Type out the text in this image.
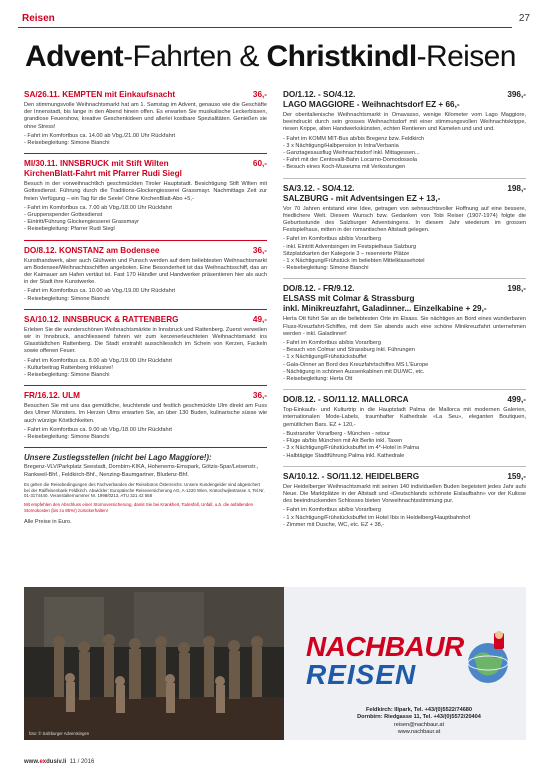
Reisen	27
Advent-Fahrten & Christkindl-Reisen
SA/26.11. KEMPTEN mit Einkaufsnacht	36,-

Den stimmungsvolle Weihnachtsmarkt hat am 1. Samstag im Advent, genauso wie die Geschäfte der Innenstadt, bis lange in den Abend hinein offen. Es erwarten Sie musikalische Leckerbissen, grandiose Feuershow, kreative Geschenkideen und allerlei kostbare Spezialitäten. Genießen sie ohne Stress!

- Fahrt im Komfortbus ca. 14.00 ab Vbg./21.00 Uhr Rückfahrt
- Reisebegleitung: Simone Bianchi
MI/30.11. INNSBRUCK mit Stift Wilten	60,-
KirchenBlatt-Fahrt mit Pfarrer Rudi Siegl

Besuch in der vorweihnachtlich geschmückten Tiroler Hauptstadt. Besichtigung Stift Wilten mit Gottesdienst. Führung durch die Traditions-Glockengiesserei Grassmayr. Nachmittags Zeit zur freien Verfügung – ein Tag für die Seele! Ohne KirchenBlatt-Abo +5,-

- Fahrt im Komfortbus ca. 7.00 ab Vbg./18.00 Uhr Rückfahrt
- Gruppenspender Gottesdienst
- Eintritt/Führung Glockengiesserei Grassmayr
- Reisebegleitung: Pfarrer Rudi Siegl
DO/8.12. KONSTANZ am Bodensee	36,-

Kunsthandwerk, aber auch Glühwein und Punsch werden auf dem beliebtesten Weihnachtsmarkt am Bodensee/Weihnachtsschiffen angeboten. Eine Besonderheit ist das Weihnachtsschiff, das an der Kaimauer am Hafen vertäut ist. Fast 170 Händler und Handwerker präsentieren hier als auch in der Stadt ihre Kunstwerke.

- Fahrt im Komfortbus ca. 10.00 ab Vbg./19.00 Uhr Rückfahrt
- Reisebegleitung: Simone Bianchi
SA/10.12. INNSBRUCK & RATTENBERG	49,-

Erleben Sie die wunderschönen Weihnachtsmärkte in Innsbruck und Rattenberg. Zuerst verweilen wir in Innsbruck, anschliessend fahren wir zum kerzenerleuchteten Weihnachtsmarkt ins Glasstädtchen Rattenberg. Die Stadt erstrahlt ausschliesslich im Schein von Kerzen, Fackeln sowie offenen Feuer.

- Fahrt im Komfortbus ca. 8.00 ab Vbg./19.00 Uhr Rückfahrt
- Kulturbeitrag Rattenberg inklusive!
- Reisebegleitung: Simone Bianchi
FR/16.12. ULM	36,-

Besuchen Sie mit uns das gemütliche, leuchtende und festlich geschmückte Ulm direkt am Fuss des Ulmer Münsters. Im Herzen Ulms erwarten Sie, an über 130 Buden, kulinarische süsse wie auch würzige Köstlichkeiten.

- Fahrt im Komfortbus ca. 9.00 ab Vbg./18.00 Uhr Rückfahrt
- Reisebegleitung: Simone Bianchi
Unsere Zustiegsstellen (nicht bei Lago Maggiore!):

Bregenz-VLV/Parkplatz Seestadt, Dornbirn-KIKA, Hohenems-Emspark, Götzis-Spar/Leisenstr., Rankweil-Bhf., Feldkirch-Bhf., Nenzing-Baumgartner, Bludenz-Bhf.

Es gelten die Reisebedingungen des Fachverbandes der Reisebüros Österreichs. Unsere Kundengelder sind abgesichert bei der Raiffeisenbank Feldkirch. Abwickler: Europäische Reiseversicherung AG, A-1220 Wien, Kratochwjlestrasse 4, Tel.Nr. 01-3174440. Veranstalternummer Nr. 1998/0213, ATU 321 42 558

Mit empfehlen den Abschluss einer Stornoversicherung, damit Sie bei Krankheit, Todesfall, Unfall, u.ä. die anfallenden Stornokosten (bis zu 85%!) zurückerhalten!

Alle Preise in Euro.

DO/1.12. - SO/4.12.	396,-
LAGO MAGGIORE - Weihnachtsdorf EZ + 66,-

Der oberitalienische Weihnachtsmarkt in Omavasso, wenige Kilometer vom Lago Maggiore, beeindruckt durch sein grosses Weihnachtsdorf mit einer stimmungsvollen Weihnachtskrippe, riesen Krippe, alten Handwerkskünsten, echten Rentieren und Kamelen und und und.

- Fahrt im KOMM MIT-Bus ab/bis Bregenz bzw. Feldkirch
- 3 x Nächtigung/Halbpension in Intra/Verbania
- Ganztagesausflug Weihnachtsdorf inkl. Mittagessen...
- Fahrt mit der Centovalli-Bahn Locarno-Domodossola
- Besuch eines Koch-Museums mit Verkostungen
SA/3.12. - SO/4.12.	198,-
SALZBURG - mit Adventsingen EZ + 13,-

Vor 70 Jahren entstand eine Idee, getragen von sehnsuchtsvoller Hoffnung auf eine bessere, friedlichere Welt. Diesem Wunsch bzw. Gedanken von Tobi Reiser (1907-1974) folgte die Geburtsstunde des Salzburger Adventsingens. In diesem Jahr wiederum im grossen Festspielhaus, mitten in der romantischen Altstadt gelegen.

- Fahrt im Komfortbus ab/bis Vorarlberg
- inkl. Eintritt Adventsingen im Festspielhaus Salzburg
Sitzplatzkarten der Kategorie 3 – reservierte Plätze
- 1 x Nächtigung/Frühstück im beliebten Mittelklassehotel
- Reisebegleitung: Simone Bianchi
DO/8.12. - FR/9.12.	198,-
ELSASS mit Colmar & Strassburg
inkl. Minikreuzfahrt, Galadinner... Einzelkabine + 29,-

Herta Ott führt Sie an die beliebtesten Orte im Elsass. Sie nächtigen an Bord eines wunderbaren Fluss-Kreuzfahrt-Schiffes, mit dem Sie abends auch eine schöne Minikreuzfahrt unternehmen werden - inkl. Galadinner!

- Fahrt im Komfortbus ab/bis Vorarlberg
- Besuch von Colmar und Strassburg inkl. Führungen
- 1 x Nächtigung/Frühstücksbuffet
- Gala-Dinner an Bord des Kreuzfahrtschiffes MS L'Europe
- Nächtigung in schönen Aussenkabinen mit DU/WC, etc.
- Reisebegleitung: Herta Ott
DO/8.12. - SO/11.12. MALLORCA	499,-

Top-Einkaufs- und Kulturtrip in die Hauptstadt Palma de Mallorca mit modernen Galerien, internationalen Mode-Labels, traumhafter Kathedrale «La Seu», eleganten Boutiquen, gemütlichen Bars. EZ + 120,-

- Bustransfer Vorarlberg - München - retour
- Flüge ab/bis München mit Air Berlin inkl. Taxen
- 3 x Nächtigung/Frühstücksbuffet im 4*-Hotel in Palma
- Halbtägige Stadtführung Palma inkl. Kathedrale
SA/10.12. - SO/11.12. HEIDELBERG	159,-

Der Heidelberger Weihnachtsmarkt mit seinen 140 individuellen Buden begeistert jedes Jahr aufs Neue. Die Marktplätze in der Altstadt und «Deutschlands schönste Eislaufbahn» vor der Kulisse des beeindruckenden Schlosses bieten Vorweihnachtsstimmung pur.

- Fahrt im Komfortbus ab/bis Vorarlberg
- 1 x Nächtigung/Frühstücksbuffet im Hotel Ibis in Heidelberg/Hauptbahnhof
- Zimmer mit Dusche, WC, etc. EZ + 38,-
foto: © Salzburger Adventsingen
NACHBAUR
REISEN
Feldkirch: Illpark, Tel. +43/(0)5522/74680
Dornbirn: Riedgasse 11, Tel. +43/(0)5572/20404
reisen@nachbaur.at
www.nachbaur.at
www.exdusiv.li 11 / 2016
